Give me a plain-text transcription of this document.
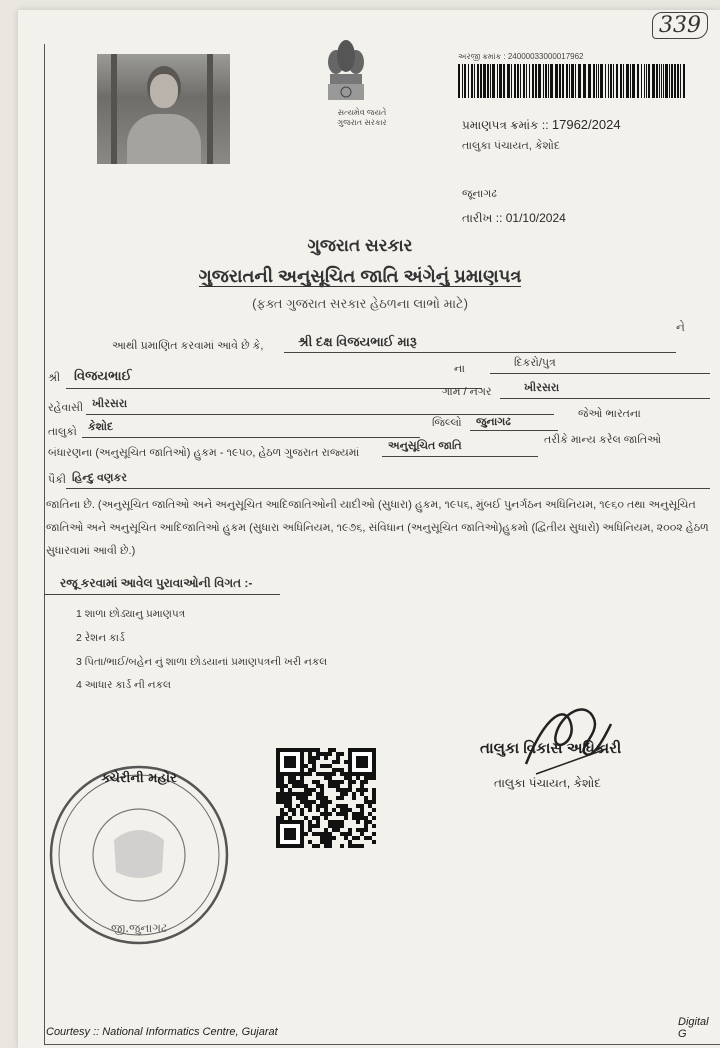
339
સત્યમેવ જયતે
ગુજરાત સરકાર
અરજી ક્રમાંક : 24000033000017962
પ્રમાણપત્ર ક્રમાંક :: 17962/2024
તાલુકા પંચાયત, કેશોદ
જૂનાગઢ
તારીખ :: 01/10/2024
ગુજરાત સરકાર
ગુજરાતની અનુસૂચિત જાતિ અંગેનું પ્રમાણપત્ર
(ફક્ત ગુજરાત સરકાર હેઠળના લાભો માટે)
આથી પ્રમાણિત કરવામાં આવે છે કે,	શ્રી દક્ષ વિજયભાઈ મારૂ
ને
શ્રી વિજયભાઈ	ના	દિકરો/પુત્ર
ગામ / નગર	ખીરસરા
રહેવાસી ખીરસરા
તાલુકો કેશોદ	જિલ્લો જુનાગઢ
જેઓ ભારતના
બંધારણના (અનુસૂચિત જાતિઓ) હુકમ - ૧૯૫૦, હેઠળ ગુજરાત રાજ્યમાં
અનુસૂચિત જાતિ	તરીકે માન્ય કરેલ જાતિઓ
પૈકી હિન્દુ વણકર
જાતિના છે. (અનુસૂચિત જાતિઓ અને અનુસૂચિત આદિજાતિઓની યાદીઓ (સુધારા) હુકમ, ૧૯૫૬, મુંબઈ પુનર્ગઠન અધિનિયમ, ૧૯૬૦ તથા અનુસૂચિત જાતિઓ અને અનુસૂચિત આદિજાતિઓ હુકમ (સુધારા અધિનિયમ, ૧૯૭૬, સંવિધાન (અનુસૂચિત જાતિઓ)હુકમો (દ્વિતીય સુધારો) અધિનિયમ, ૨૦૦૨ હેઠળ સુધારવામાં આવી છે.)
રજૂ કરવામાં આવેલ પુરાવાઓની વિગત :-
1 શાળા છોડ્યાનુ પ્રમાણપત્ર
2 રેશન કાર્ડ
3 પિતા/ભાઈ/બહેન નું શાળા છોડયાનાં પ્રમાણપત્રની ખરી નકલ
4 આધાર કાર્ડ ની નકલ
ક્ચેરીની મહોર
જી.જુનાગઢ
તાલુકા વિકાસ અધિકારી
તાલુકા પંચાયત, કેશોદ
Courtesy :: National Informatics Centre, Gujarat
Digital G
